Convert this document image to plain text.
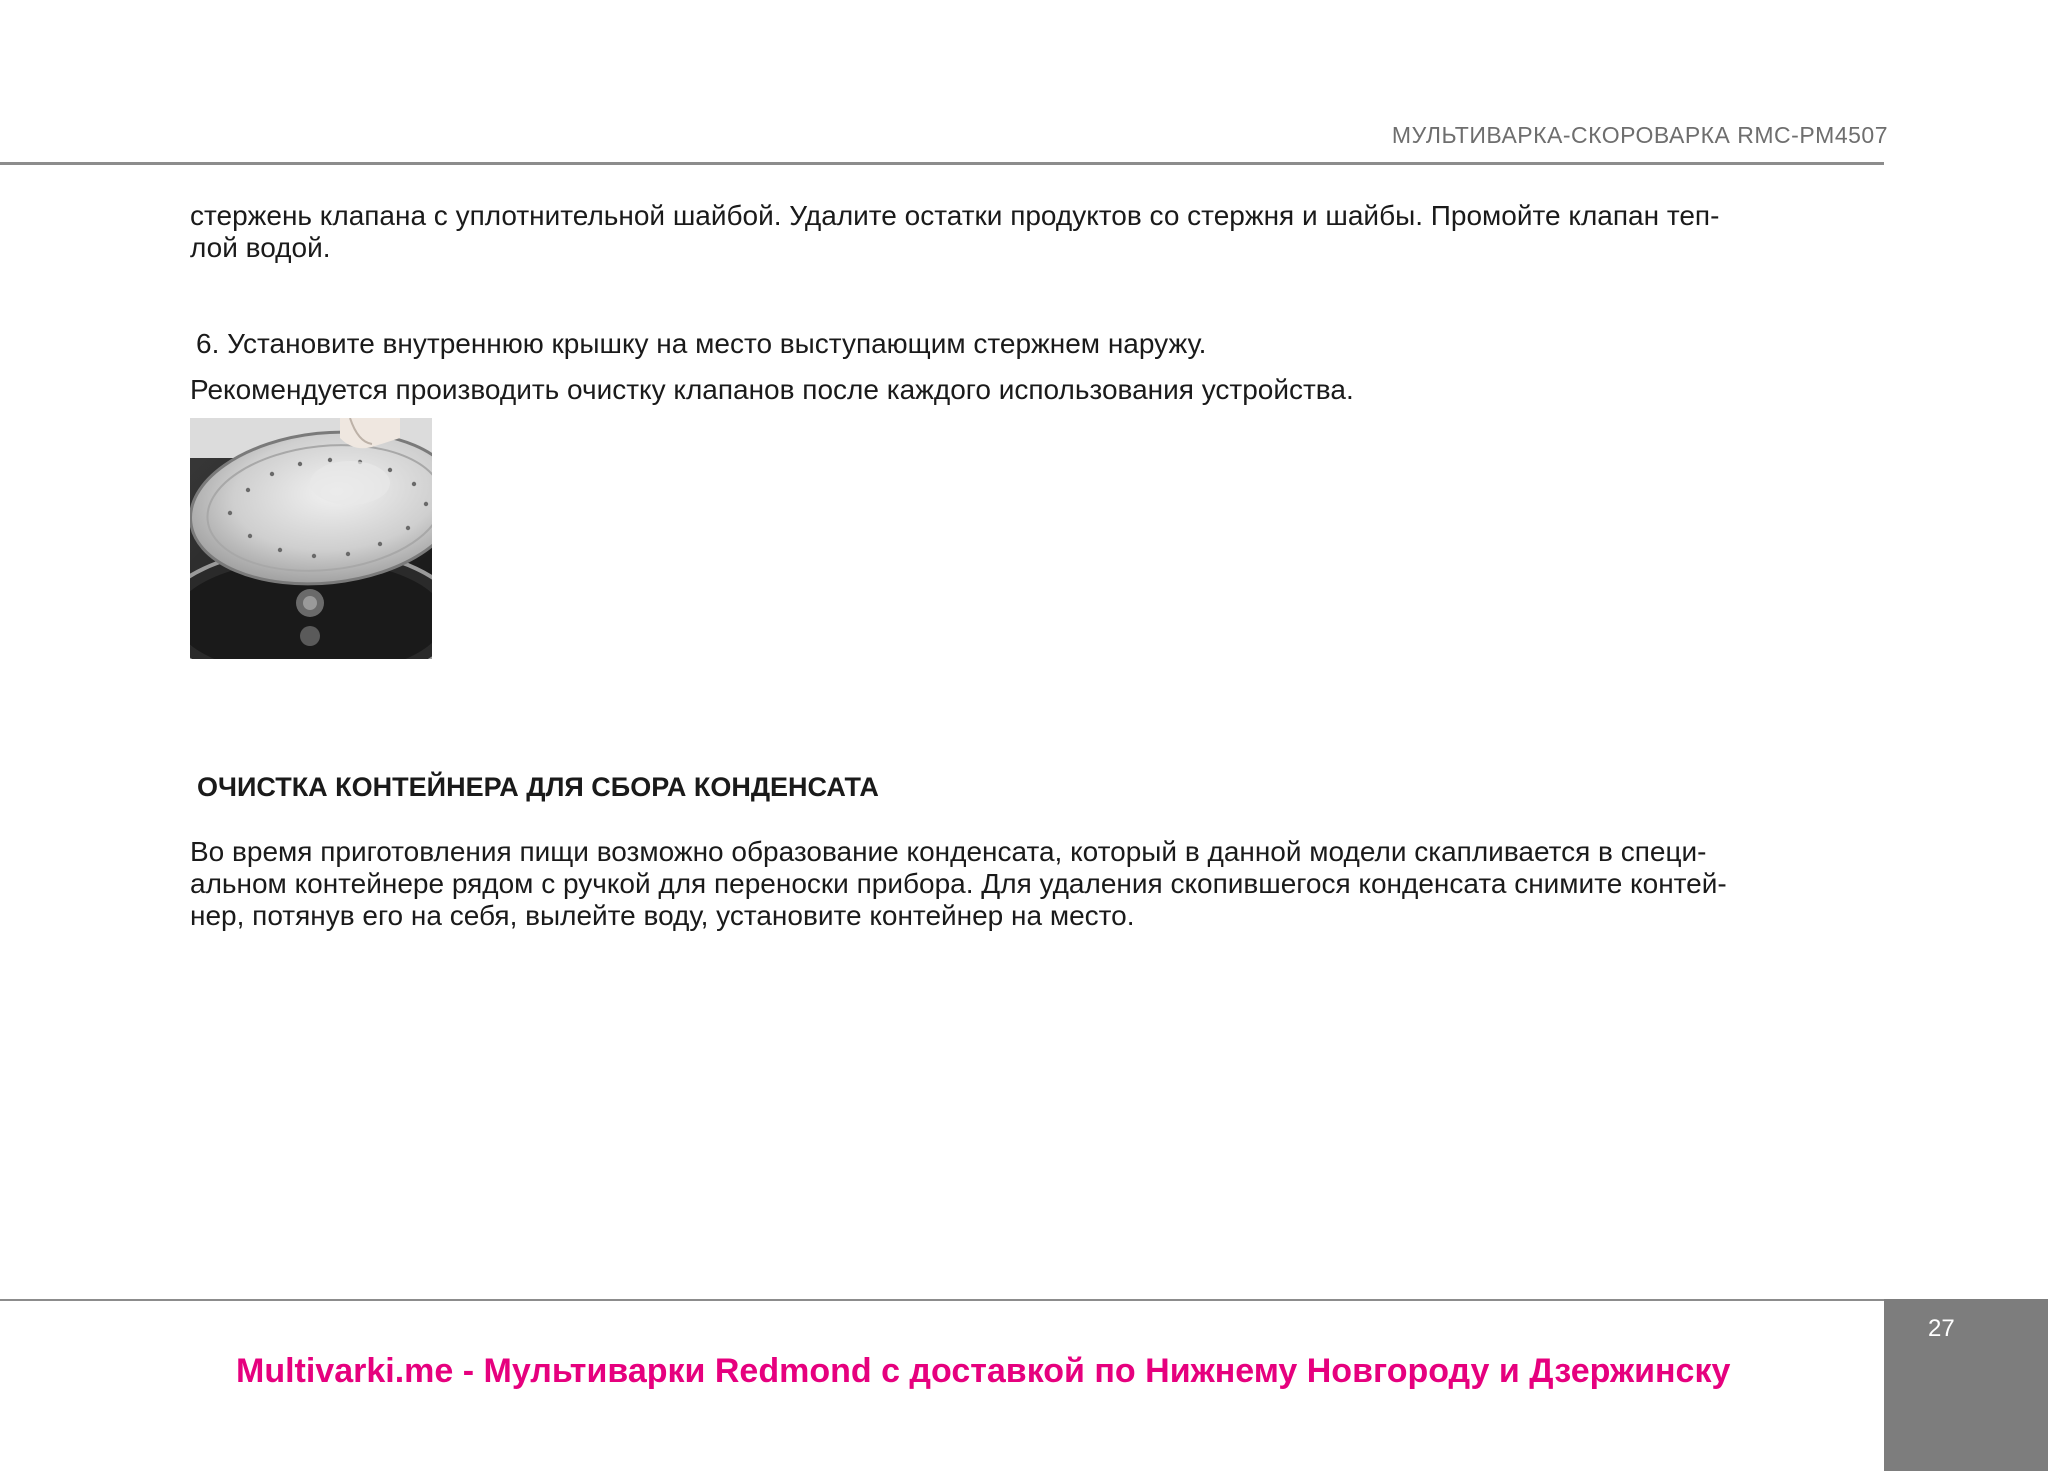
МУЛЬТИВАРКА-СКОРОВАРКА RMC-PM4507

стержень клапана с уплотнительной шайбой. Удалите остатки продуктов со стержня и шайбы. Промойте клапан теп-
лой водой.

6. Установите внутреннюю крышку на место выступающим стержнем наружу.

Рекомендуется производить очистку клапанов после каждого использования устройства.

ОЧИСТКА КОНТЕЙНЕРА ДЛЯ СБОРА КОНДЕНСАТА

Во время приготовления пищи возможно образование конденсата, который в данной модели скапливается в специ-
альном контейнере рядом с ручкой для переноски прибора. Для удаления скопившегося конденсата снимите контей-
нер, потянув его на себя, вылейте воду, установите контейнер на место.

27
Multivarki.me - Мультиварки Redmond с доставкой по Нижнему Новгороду и Дзержинску
